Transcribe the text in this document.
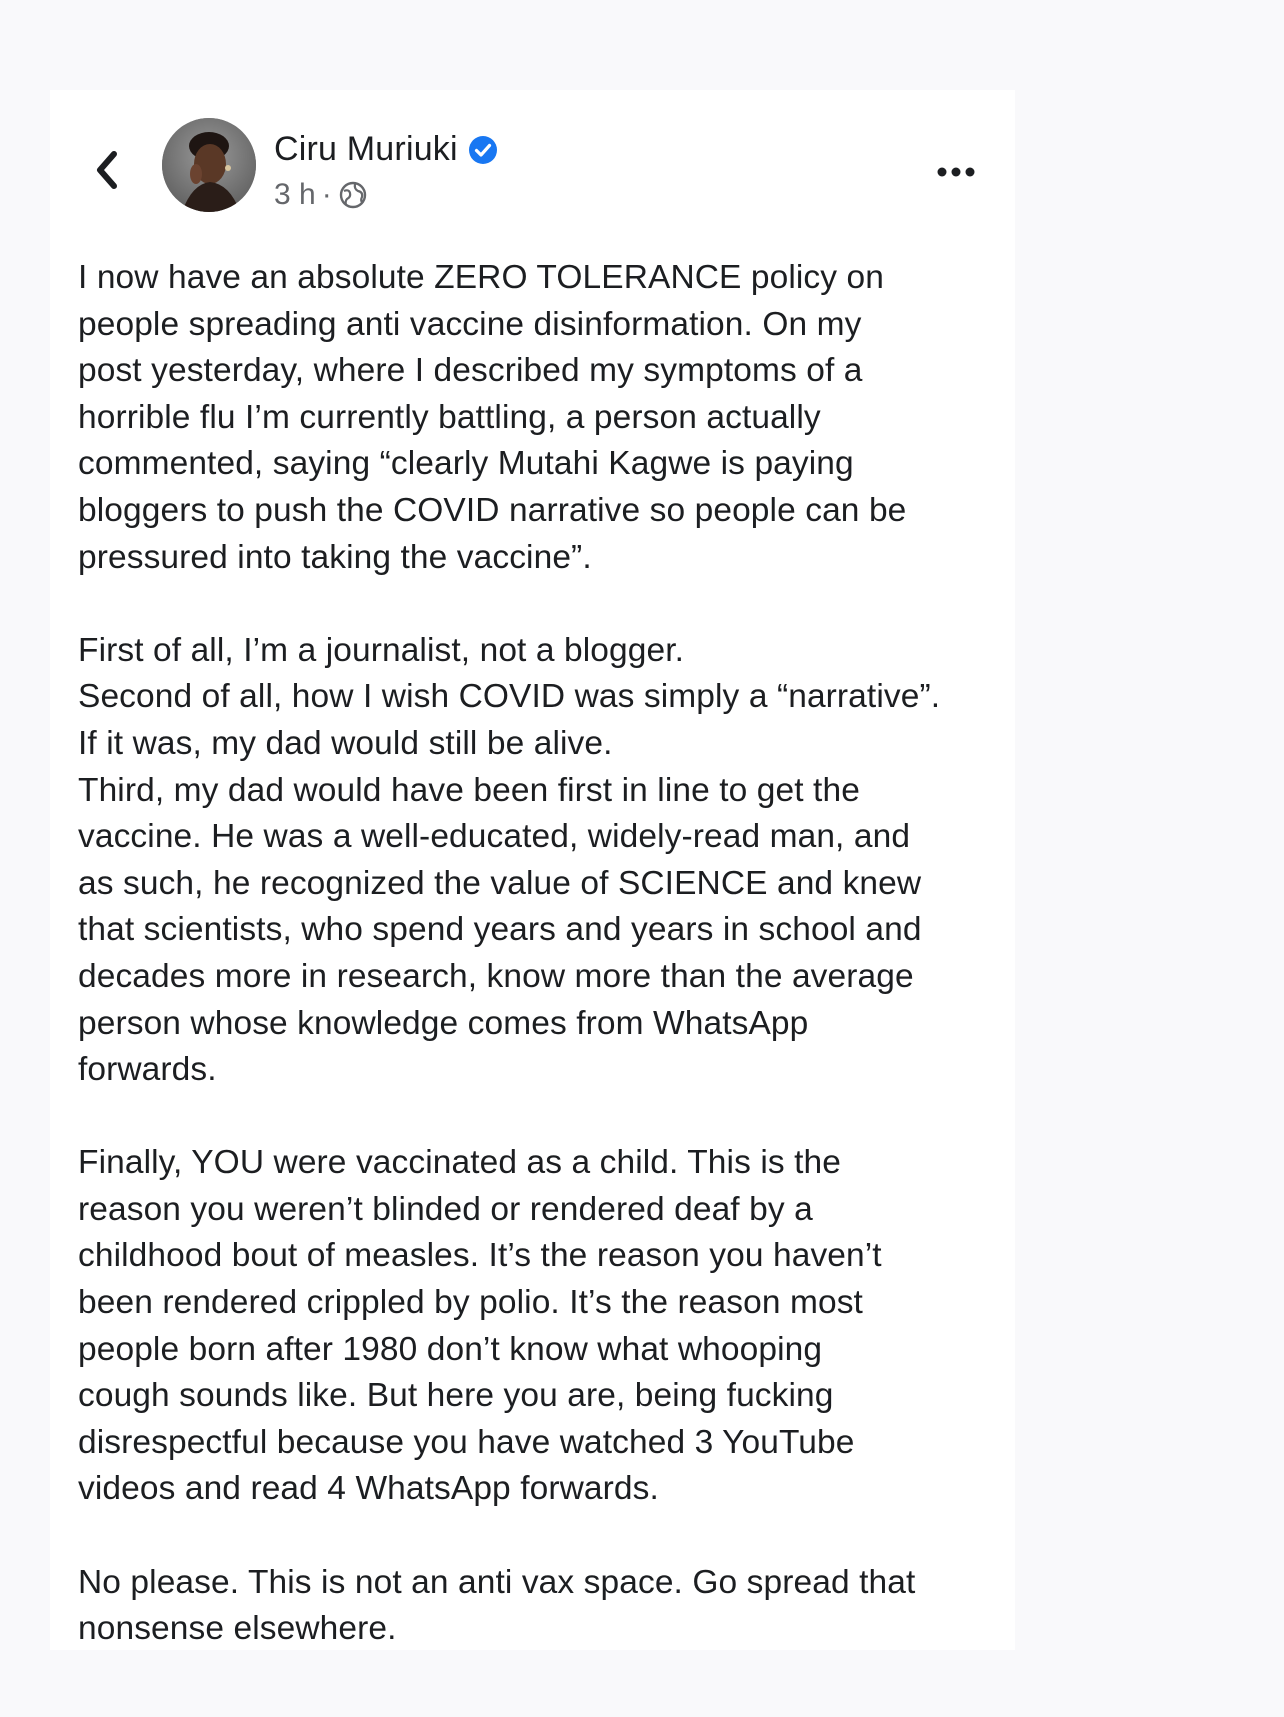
Ciru Muriuki
3 h ·
I now have an absolute ZERO TOLERANCE policy on
people spreading anti vaccine disinformation. On my
post yesterday, where I described my symptoms of a
horrible flu I’m currently battling, a person actually
commented, saying “clearly Mutahi Kagwe is paying
bloggers to push the COVID narrative so people can be
pressured into taking the vaccine”.
First of all, I’m a journalist, not a blogger.
Second of all, how I wish COVID was simply a “narrative”.
If it was, my dad would still be alive.
Third, my dad would have been first in line to get the
vaccine. He was a well-educated, widely-read man, and
as such, he recognized the value of SCIENCE and knew
that scientists, who spend years and years in school and
decades more in research, know more than the average
person whose knowledge comes from WhatsApp
forwards.
Finally, YOU were vaccinated as a child. This is the
reason you weren’t blinded or rendered deaf by a
childhood bout of measles. It’s the reason you haven’t
been rendered crippled by polio. It’s the reason most
people born after 1980 don’t know what whooping
cough sounds like. But here you are, being fucking
disrespectful because you have watched 3 YouTube
videos and read 4 WhatsApp forwards.
No please. This is not an anti vax space. Go spread that
nonsense elsewhere.
